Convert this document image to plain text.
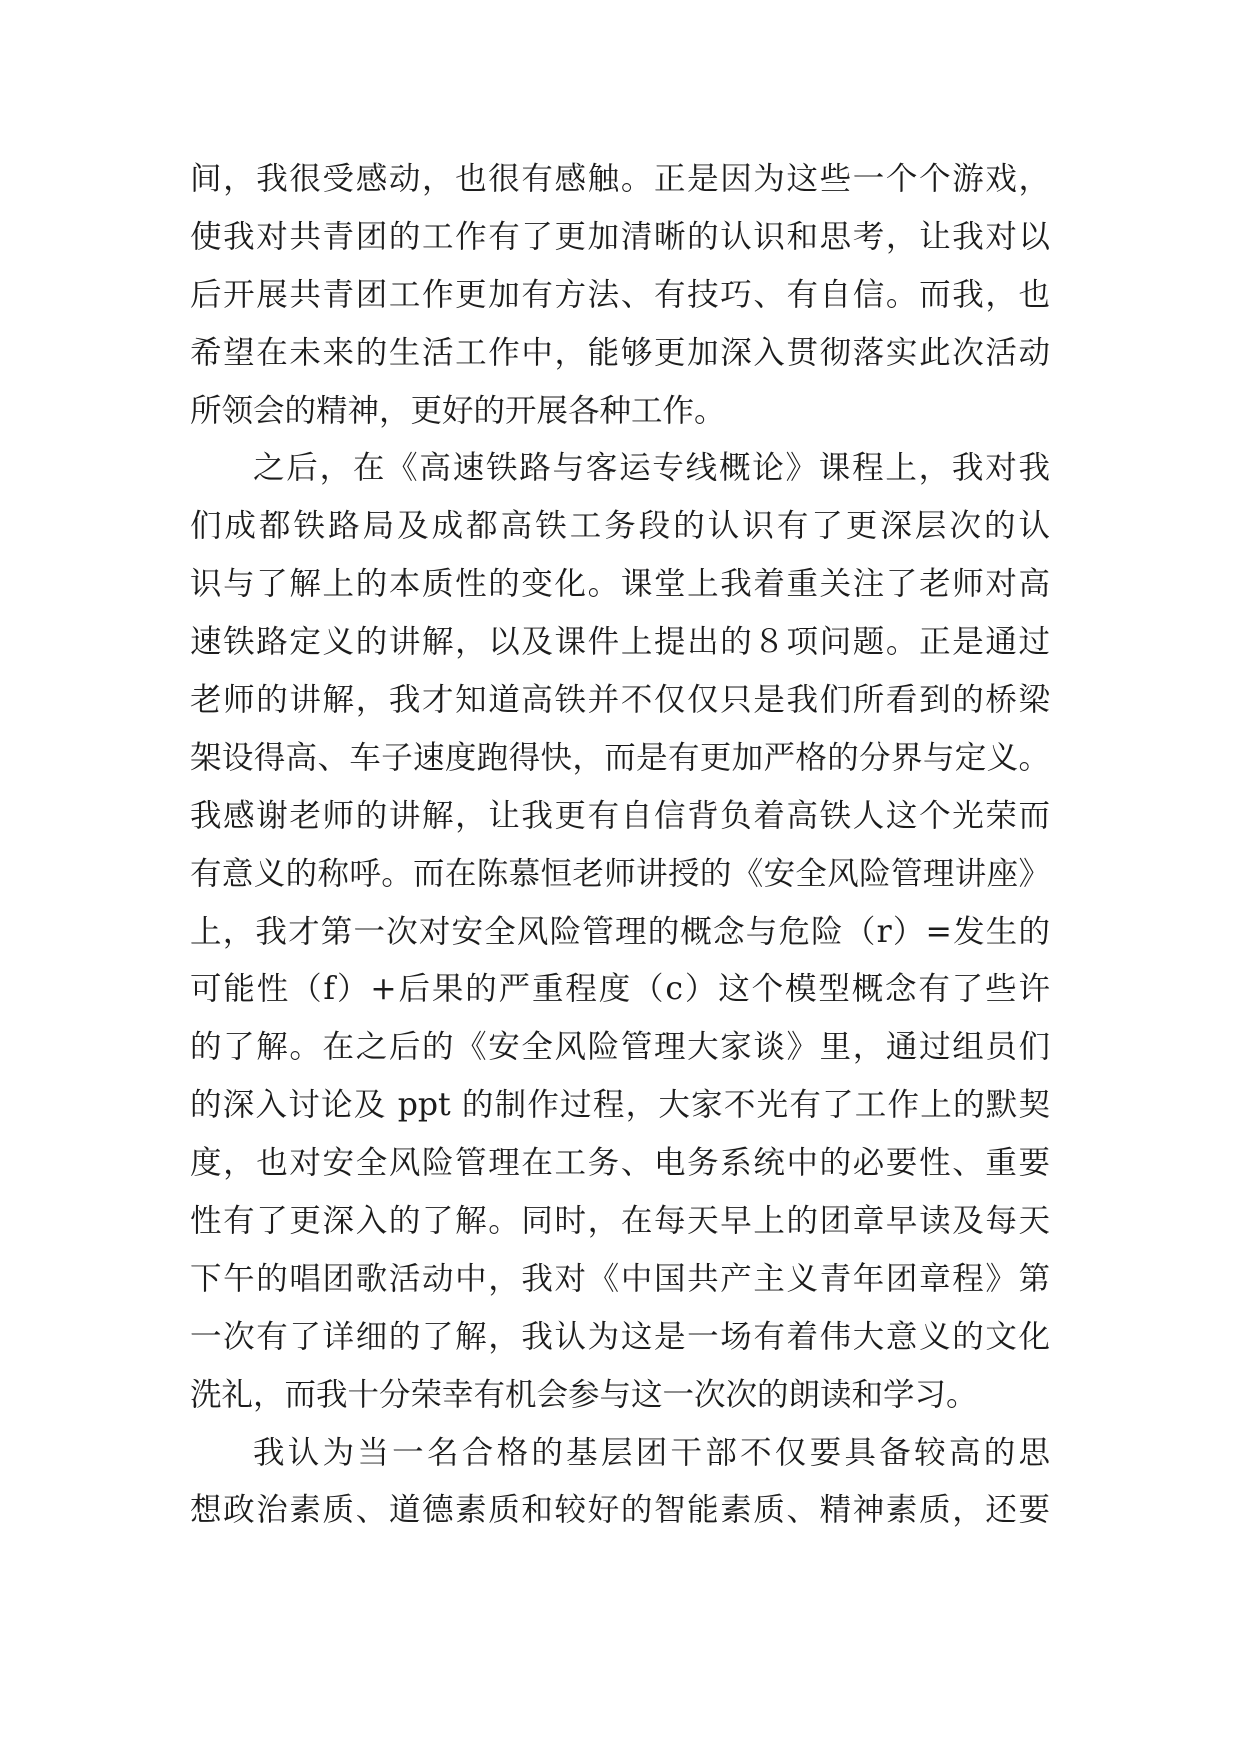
间，我很受感动，也很有感触。正是因为这些一个个游戏，
使我对共青团的工作有了更加清晰的认识和思考，让我对以
后开展共青团工作更加有方法、有技巧、有自信。而我，也
希望在未来的生活工作中，能够更加深入贯彻落实此次活动
所领会的精神，更好的开展各种工作。
之后，在《高速铁路与客运专线概论》课程上，我对我
们成都铁路局及成都高铁工务段的认识有了更深层次的认
识与了解上的本质性的变化。课堂上我着重关注了老师对高
速铁路定义的讲解，以及课件上提出的８项问题。正是通过
老师的讲解，我才知道高铁并不仅仅只是我们所看到的桥梁
架设得高、车子速度跑得快，而是有更加严格的分界与定义。
我感谢老师的讲解，让我更有自信背负着高铁人这个光荣而
有意义的称呼。而在陈慕恒老师讲授的《安全风险管理讲座》
上，我才第一次对安全风险管理的概念与危险（r）=发生的
可能性（f）+后果的严重程度（c）这个模型概念有了些许
的了解。在之后的《安全风险管理大家谈》里，通过组员们
的深入讨论及 ppt 的制作过程，大家不光有了工作上的默契
度，也对安全风险管理在工务、电务系统中的必要性、重要
性有了更深入的了解。同时，在每天早上的团章早读及每天
下午的唱团歌活动中，我对《中国共产主义青年团章程》第
一次有了详细的了解，我认为这是一场有着伟大意义的文化
洗礼，而我十分荣幸有机会参与这一次次的朗读和学习。
我认为当一名合格的基层团干部不仅要具备较高的思
想政治素质、道德素质和较好的智能素质、精神素质，还要
